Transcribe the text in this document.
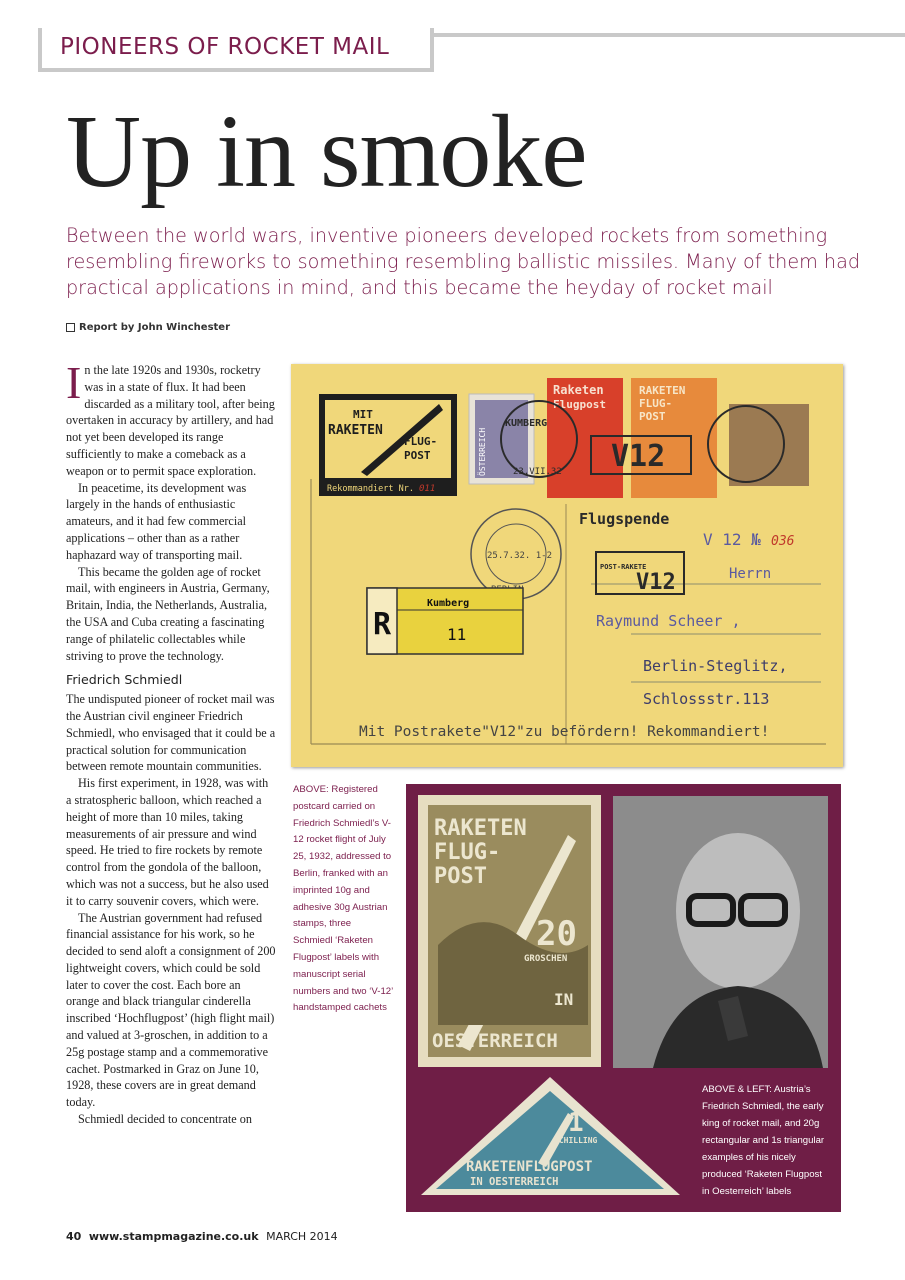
PIONEERS OF ROCKET MAIL
Up in smoke

Between the world wars, inventive pioneers developed rockets from something resembling fireworks to something resembling ballistic missiles. Many of them had practical applications in mind, and this became the heyday of rocket mail

Report by John Winchester

In the late 1920s and 1930s, rocketry was in a state of flux. It had been discarded as a military tool, after being overtaken in accuracy by artillery, and had not yet been developed its range sufficiently to make a comeback as a weapon or to permit space exploration.

In peacetime, its development was largely in the hands of enthusiastic amateurs, and it had few commercial applications – other than as a rather haphazard way of transporting mail.

This became the golden age of rocket mail, with engineers in Austria, Germany, Britain, India, the Netherlands, Australia, the USA and Cuba creating a fascinating range of philatelic collectables while striving to prove the technology.

Friedrich Schmiedl

The undisputed pioneer of rocket mail was the Austrian civil engineer Friedrich Schmiedl, who envisaged that it could be a practical solution for communication between remote mountain communities.

His first experiment, in 1928, was with a stratospheric balloon, which reached a height of more than 10 miles, taking measurements of air pressure and wind speed. He tried to fire rockets by remote control from the gondola of the balloon, which was not a success, but he also used it to carry souvenir covers, which were.

The Austrian government had refused financial assistance for his work, so he decided to send aloft a consignment of 200 lightweight covers, which could be sold later to cover the cost. Each bore an orange and black triangular cinderella inscribed ‘Hochflugpost’ (high flight mail) and valued at 3-groschen, in addition to a 25g postage stamp and a commemorative cachet. Postmarked in Graz on June 10, 1928, these covers are in great demand today.

Schmiedl decided to concentrate on

MIT
RAKETEN
FLUG-
POST
Rekommandiert Nr. 011
ÖSTERREICH
Raketen
Flugpost
RAKETEN
FLUG-
POST
KUMBERG
23.VII.32 V12
25.7.32. 1-2
Flugspende
V 12 № 036
POST-RAKETE
V12	Herrn
Raymund Scheer ,
Berlin-Steglitz,
Schlossstr.113
R
Kumberg
11
Mit Postrakete"V12"zu befördern! Rekommandiert!
ABOVE: Registered postcard carried on Friedrich Schmiedl’s V-12 rocket flight of July 25, 1932, addressed to Berlin, franked with an imprinted 10g and adhesive 30g Austrian stamps, three Schmiedl ‘Raketen Flugpost’ labels with manuscript serial numbers and two ‘V-12’ handstamped cachets
RAKETEN
FLUG-
POST
20
GROSCHEN
IN
OESTERREICH
1
SCHILLING
RAKETENFLUGPOST
IN OESTERREICH
ABOVE & LEFT: Austria’s Friedrich Schmiedl, the early king of rocket mail, and 20g rectangular and 1s triangular examples of his nicely produced ‘Raketen Flugpost in Oesterreich’ labels
40 www.stampmagazine.co.uk MARCH 2014
